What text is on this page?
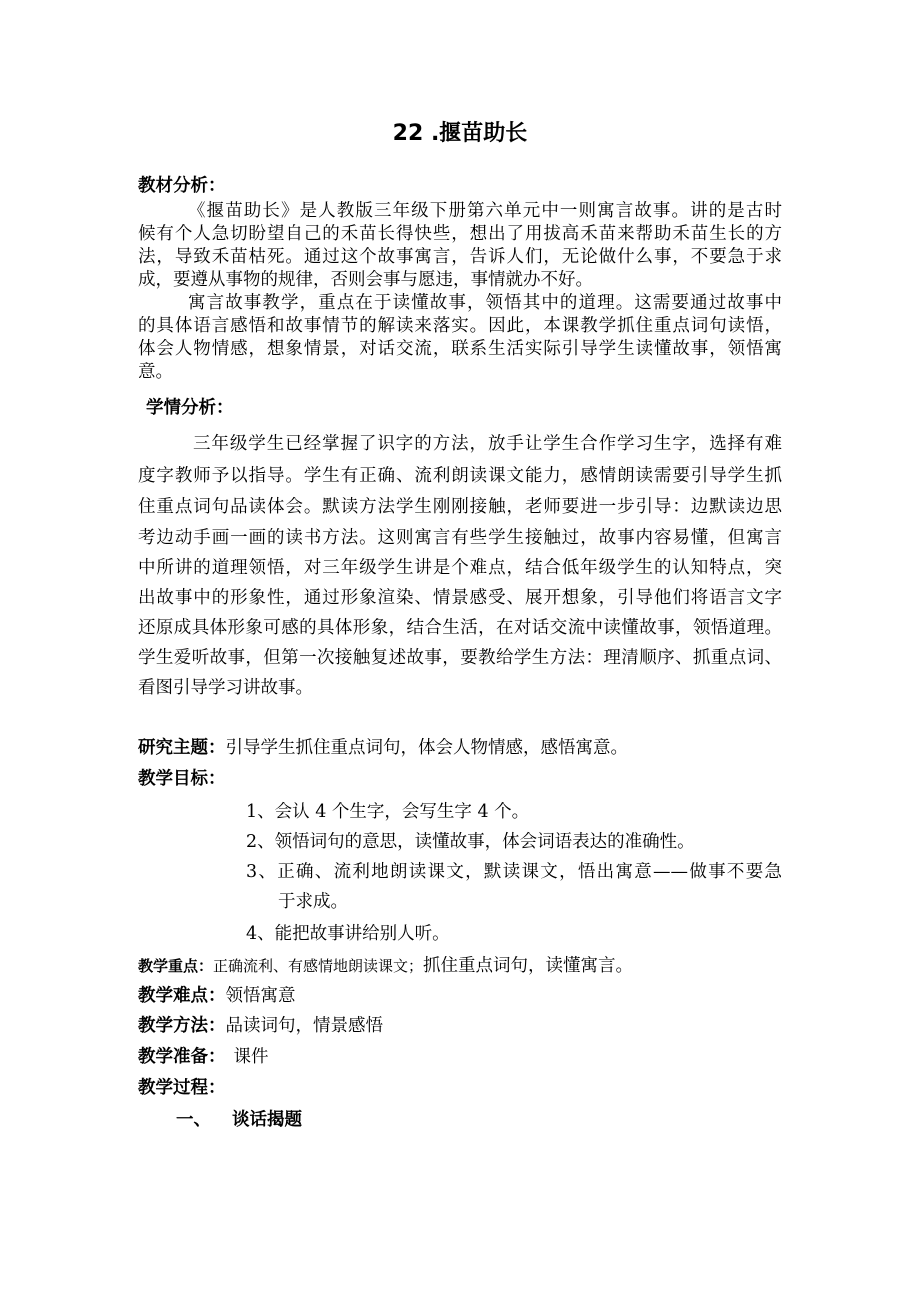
22 .揠苗助长
教材分析：
《揠苗助长》是人教版三年级下册第六单元中一则寓言故事。讲的是古时
候有个人急切盼望自己的禾苗长得快些，想出了用拔高禾苗来帮助禾苗生长的方
法，导致禾苗枯死。通过这个故事寓言，告诉人们，无论做什么事，不要急于求
成，要遵从事物的规律，否则会事与愿违，事情就办不好。
寓言故事教学，重点在于读懂故事，领悟其中的道理。这需要通过故事中
的具体语言感悟和故事情节的解读来落实。因此，本课教学抓住重点词句读悟，
体会人物情感，想象情景，对话交流，联系生活实际引导学生读懂故事，领悟寓
意。
学情分析：
三年级学生已经掌握了识字的方法，放手让学生合作学习生字，选择有难
度字教师予以指导。学生有正确、流利朗读课文能力，感情朗读需要引导学生抓
住重点词句品读体会。默读方法学生刚刚接触，老师要进一步引导：边默读边思
考边动手画一画的读书方法。这则寓言有些学生接触过，故事内容易懂，但寓言
中所讲的道理领悟，对三年级学生讲是个难点，结合低年级学生的认知特点，突
出故事中的形象性，通过形象渲染、情景感受、展开想象，引导他们将语言文字
还原成具体形象可感的具体形象，结合生活，在对话交流中读懂故事，领悟道理。
学生爱听故事，但第一次接触复述故事，要教给学生方法：理清顺序、抓重点词、
看图引导学习讲故事。
研究主题：引导学生抓住重点词句，体会人物情感，感悟寓意。
教学目标：
1、会认 4 个生字，会写生字 4 个。
2、领悟词句的意思，读懂故事，体会词语表达的准确性。
3、正确、流利地朗读课文，默读课文，悟出寓意——做事不要急
于求成。
4、能把故事讲给别人听。
教学重点：正确流利、有感情地朗读课文；抓住重点词句，读懂寓言。
教学难点：领悟寓意
教学方法：品读词句，情景感悟
教学准备： 课件
教学过程：
一、 谈话揭题
